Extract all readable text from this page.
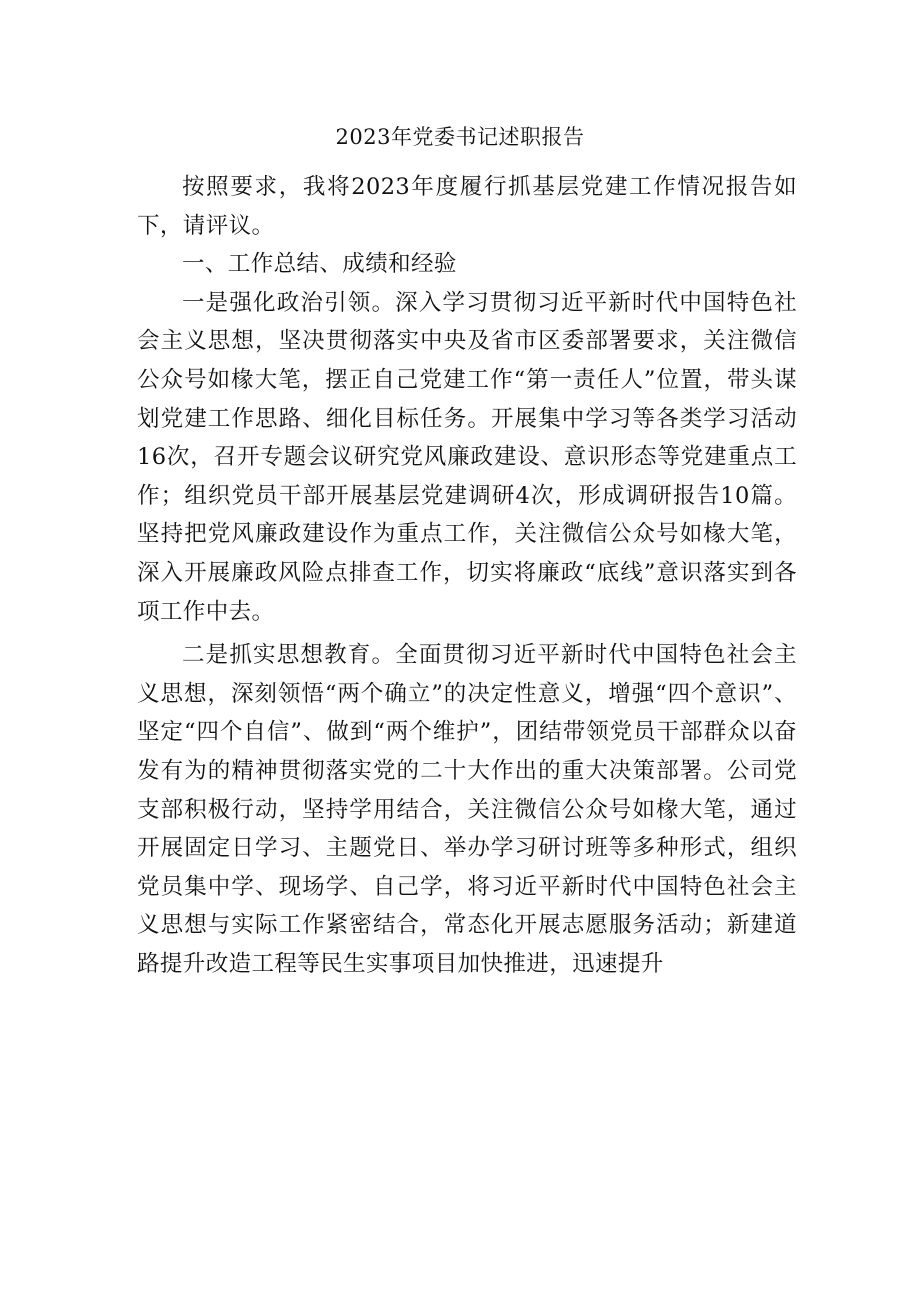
2023年党委书记述职报告

按照要求，我将2023年度履行抓基层党建工作情况报告如下，请评议。

一、工作总结、成绩和经验

一是强化政治引领。深入学习贯彻习近平新时代中国特色社会主义思想，坚决贯彻落实中央及省市区委部署要求，关注微信公众号如椽大笔，摆正自己党建工作“第一责任人”位置，带头谋划党建工作思路、细化目标任务。开展集中学习等各类学习活动16次，召开专题会议研究党风廉政建设、意识形态等党建重点工作；组织党员干部开展基层党建调研4次，形成调研报告10篇。坚持把党风廉政建设作为重点工作，关注微信公众号如椽大笔，深入开展廉政风险点排查工作，切实将廉政“底线”意识落实到各项工作中去。

二是抓实思想教育。全面贯彻习近平新时代中国特色社会主义思想，深刻领悟“两个确立”的决定性意义，增强“四个意识”、坚定“四个自信”、做到“两个维护”，团结带领党员干部群众以奋发有为的精神贯彻落实党的二十大作出的重大决策部署。公司党支部积极行动，坚持学用结合，关注微信公众号如椽大笔，通过开展固定日学习、主题党日、举办学习研讨班等多种形式，组织党员集中学、现场学、自己学，将习近平新时代中国特色社会主义思想与实际工作紧密结合，常态化开展志愿服务活动；新建道路提升改造工程等民生实事项目加快推进，迅速提升
